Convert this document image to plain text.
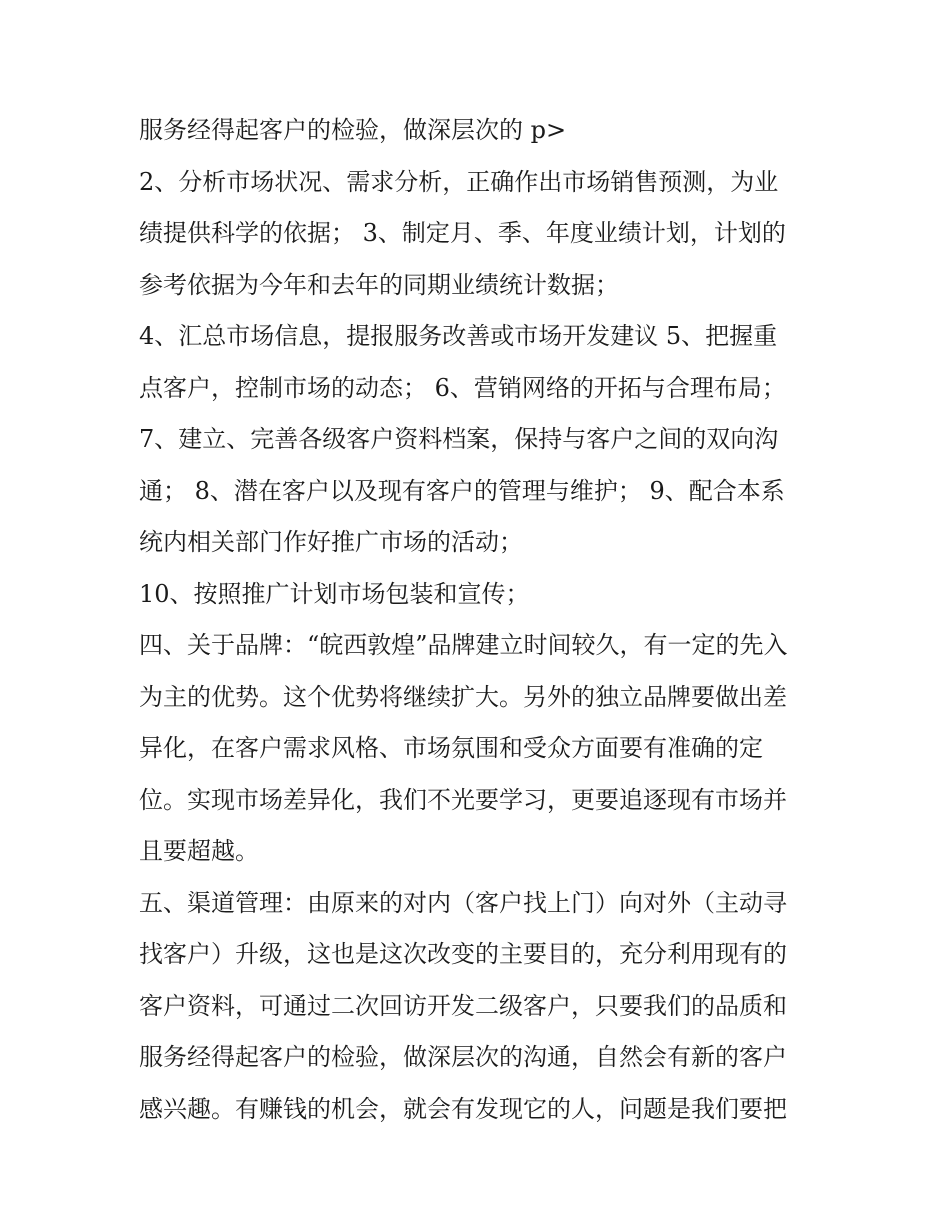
服务经得起客户的检验，做深层次的 p>
2、分析市场状况、需求分析，正确作出市场销售预测，为业
绩提供科学的依据； 3、制定月、季、年度业绩计划，计划的
参考依据为今年和去年的同期业绩统计数据；
4、汇总市场信息，提报服务改善或市场开发建议 5、把握重
点客户，控制市场的动态； 6、营销网络的开拓与合理布局；
7、建立、完善各级客户资料档案，保持与客户之间的双向沟
通； 8、潜在客户以及现有客户的管理与维护； 9、配合本系
统内相关部门作好推广市场的活动；
10、按照推广计划市场包装和宣传；
四、关于品牌：“皖西敦煌”品牌建立时间较久，有一定的先入
为主的优势。这个优势将继续扩大。另外的独立品牌要做出差
异化，在客户需求风格、市场氛围和受众方面要有准确的定
位。实现市场差异化，我们不光要学习，更要追逐现有市场并
且要超越。
五、渠道管理：由原来的对内（客户找上门）向对外（主动寻
找客户）升级，这也是这次改变的主要目的，充分利用现有的
客户资料，可通过二次回访开发二级客户，只要我们的品质和
服务经得起客户的检验，做深层次的沟通，自然会有新的客户
感兴趣。有赚钱的机会，就会有发现它的人，问题是我们要把
